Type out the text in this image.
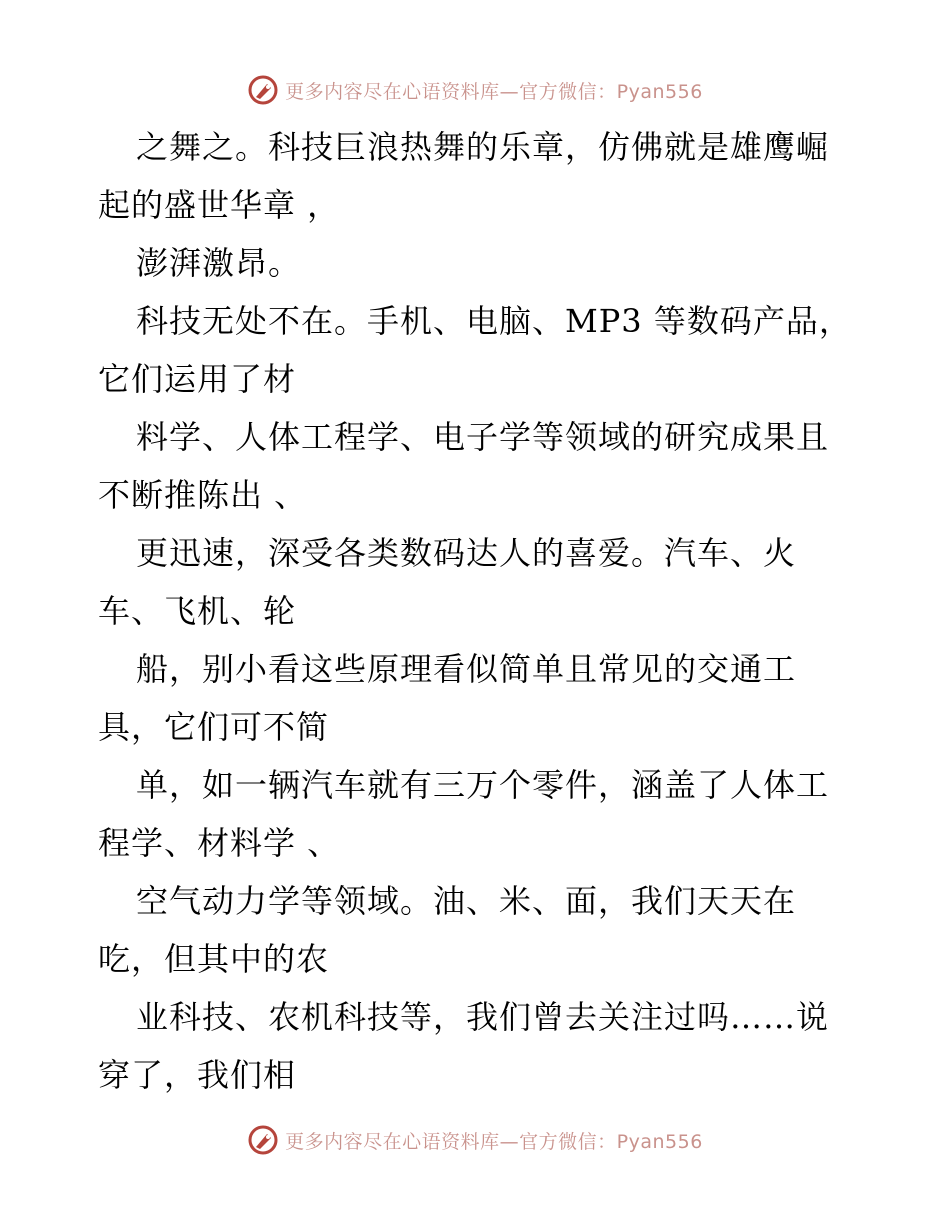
更多内容尽在心语资料库—官方微信：Pyan556
之舞之。科技巨浪热舞的乐章，仿佛就是雄鹰崛
起的盛世华章 ，
澎湃激昂。
科技无处不在。手机、电脑、MP3 等数码产品，
它们运用了材
料学、人体工程学、电子学等领域的研究成果且
不断推陈出 、
更迅速，深受各类数码达人的喜爱。汽车、火
车、飞机、轮
船，别小看这些原理看似简单且常见的交通工
具，它们可不简
单，如一辆汽车就有三万个零件，涵盖了人体工
程学、材料学 、
空气动力学等领域。油、米、面，我们天天在
吃，但其中的农
业科技、农机科技等，我们曾去关注过吗……说
穿了，我们相
更多内容尽在心语资料库—官方微信：Pyan556
